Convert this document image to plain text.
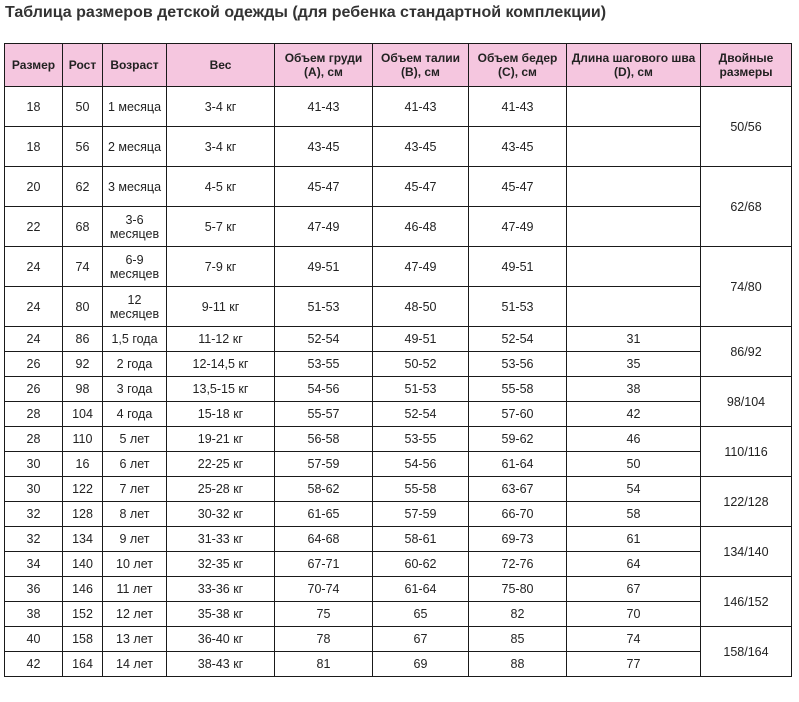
Таблица размеров детской одежды (для ребенка стандартной комплекции)
Размер	Рост	Возраст	Вес	Объем груди (А), см	Объем талии (В), см	Объем бедер (С), см	Длина шагового шва (D), см	Двойные размеры
18	50	1 месяца	3-4 кг	41-43	41-43	41-43		50/56
18	56	2 месяца	3-4 кг	43-45	43-45	43-45		
20	62	3 месяца	4-5 кг	45-47	45-47	45-47		62/68
22	68	3-6 месяцев	5-7 кг	47-49	46-48	47-49		
24	74	6-9 месяцев	7-9 кг	49-51	47-49	49-51		74/80
24	80	12 месяцев	9-11 кг	51-53	48-50	51-53		
24	86	1,5 года	11-12 кг	52-54	49-51	52-54	31	86/92
26	92	2 года	12-14,5 кг	53-55	50-52	53-56	35	
26	98	3 года	13,5-15 кг	54-56	51-53	55-58	38	98/104
28	104	4 года	15-18 кг	55-57	52-54	57-60	42	
28	110	5 лет	19-21 кг	56-58	53-55	59-62	46	110/116
30	16	6 лет	22-25 кг	57-59	54-56	61-64	50	
30	122	7 лет	25-28 кг	58-62	55-58	63-67	54	122/128
32	128	8 лет	30-32 кг	61-65	57-59	66-70	58	
32	134	9 лет	31-33 кг	64-68	58-61	69-73	61	134/140
34	140	10 лет	32-35 кг	67-71	60-62	72-76	64	
36	146	11 лет	33-36 кг	70-74	61-64	75-80	67	146/152
38	152	12 лет	35-38 кг	75	65	82	70	
40	158	13 лет	36-40 кг	78	67	85	74	158/164
42	164	14 лет	38-43 кг	81	69	88	77	
